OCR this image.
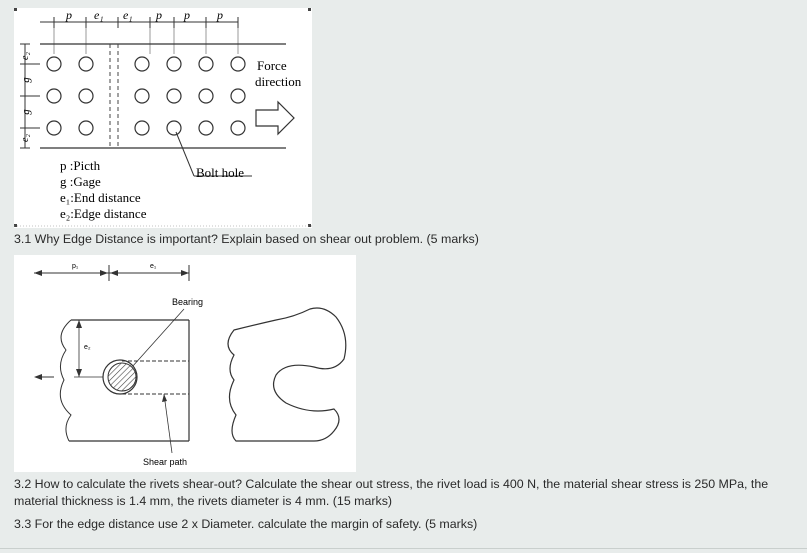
p e₁ e₁ p p p
e₂
g
g
e₂
Force
direction
Bolt hole
p :Picth
g :Gage
e₁:End distance
e₂:Edge distance

3.1 Why Edge Distance is important? Explain based on shear out problem. (5 marks)

p₁	e₁
Bearing
e₂
Shear path

3.2 How to calculate the rivets shear-out? Calculate the shear out stress, the rivet load is 400 N, the material shear stress is 250 MPa, the material thickness is 1.4 mm, the rivets diameter is 4 mm. (15 marks)

3.3 For the edge distance use 2 x Diameter. calculate the margin of safety. (5 marks)
